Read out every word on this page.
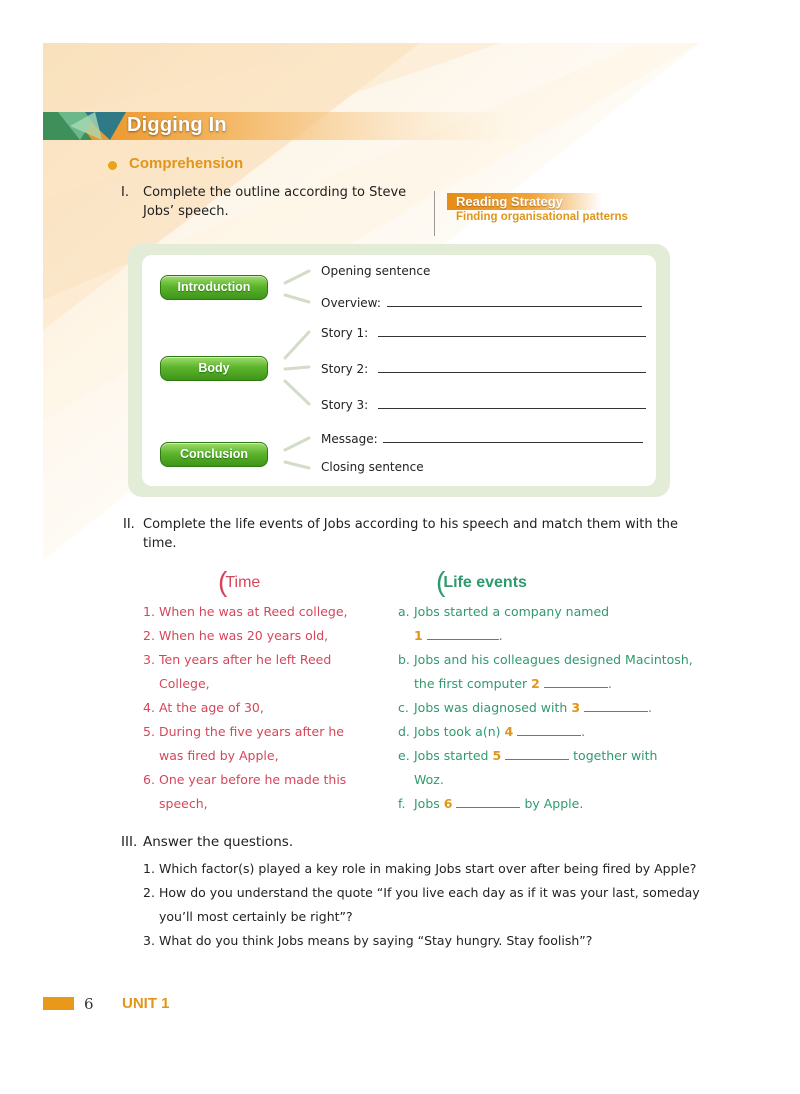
Digging In
Comprehension
I. Complete the outline according to Steve
Jobs’ speech.
Reading Strategy
Finding organisational patterns
Introduction
Body
Conclusion
Opening sentence
Overview:
Story 1:
Story 2:
Story 3:
Message:
Closing sentence
II. Complete the life events of Jobs according to his speech and match them with the
time.
(Time	(Life events
1. When he was at Reed college,
2. When he was 20 years old,
3. Ten years after he left Reed
College,
4. At the age of 30,
5. During the five years after he
was fired by Apple,
6. One year before he made this
speech,
a. Jobs started a company named
1	.
b. Jobs and his colleagues designed Macintosh,
the first computer 2	.
c. Jobs was diagnosed with 3	.
d. Jobs took a(n) 4	.
e. Jobs started 5	together with
Woz.
f. Jobs 6	by Apple.
III. Answer the questions.
1. Which factor(s) played a key role in making Jobs start over after being fired by Apple?
2. How do you understand the quote “If you live each day as if it was your last, someday
you’ll most certainly be right”?
3. What do you think Jobs means by saying “Stay hungry. Stay foolish”?
6 UNIT 1
